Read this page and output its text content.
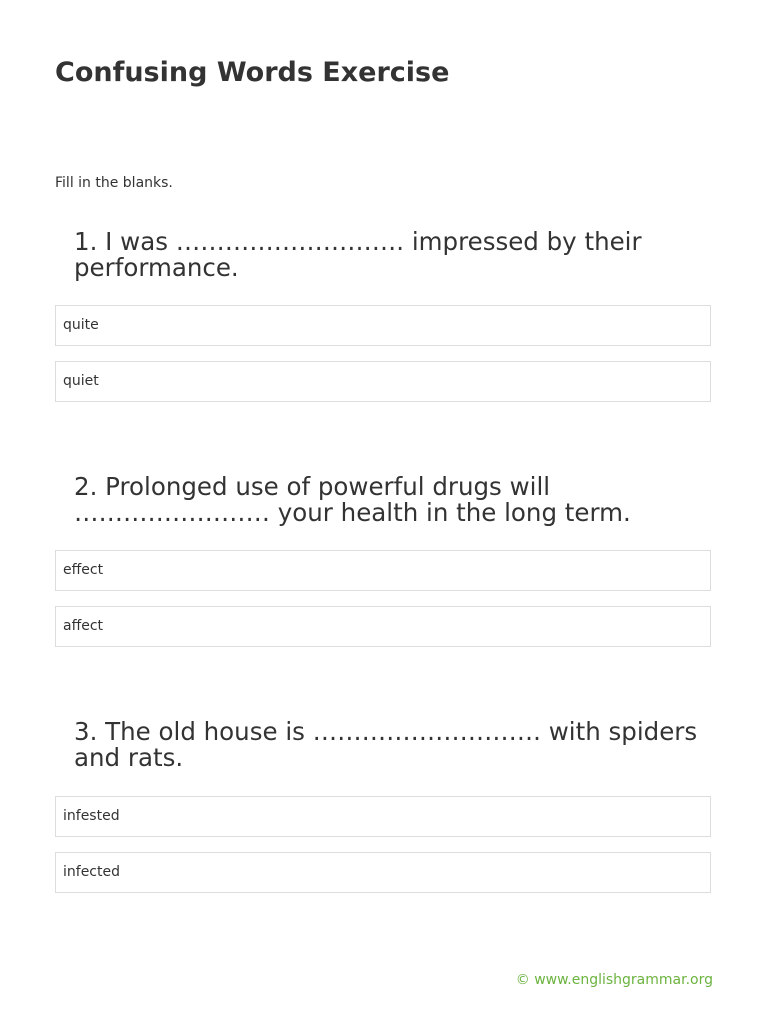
Confusing Words Exercise
Fill in the blanks.

1. I was ………………………. impressed by their performance.

quite
quiet

2. Prolonged use of powerful drugs will …………………… your health in the long term.

effect
affect

3. The old house is ………………………. with spiders and rats.

infested
infected
© www.englishgrammar.org
